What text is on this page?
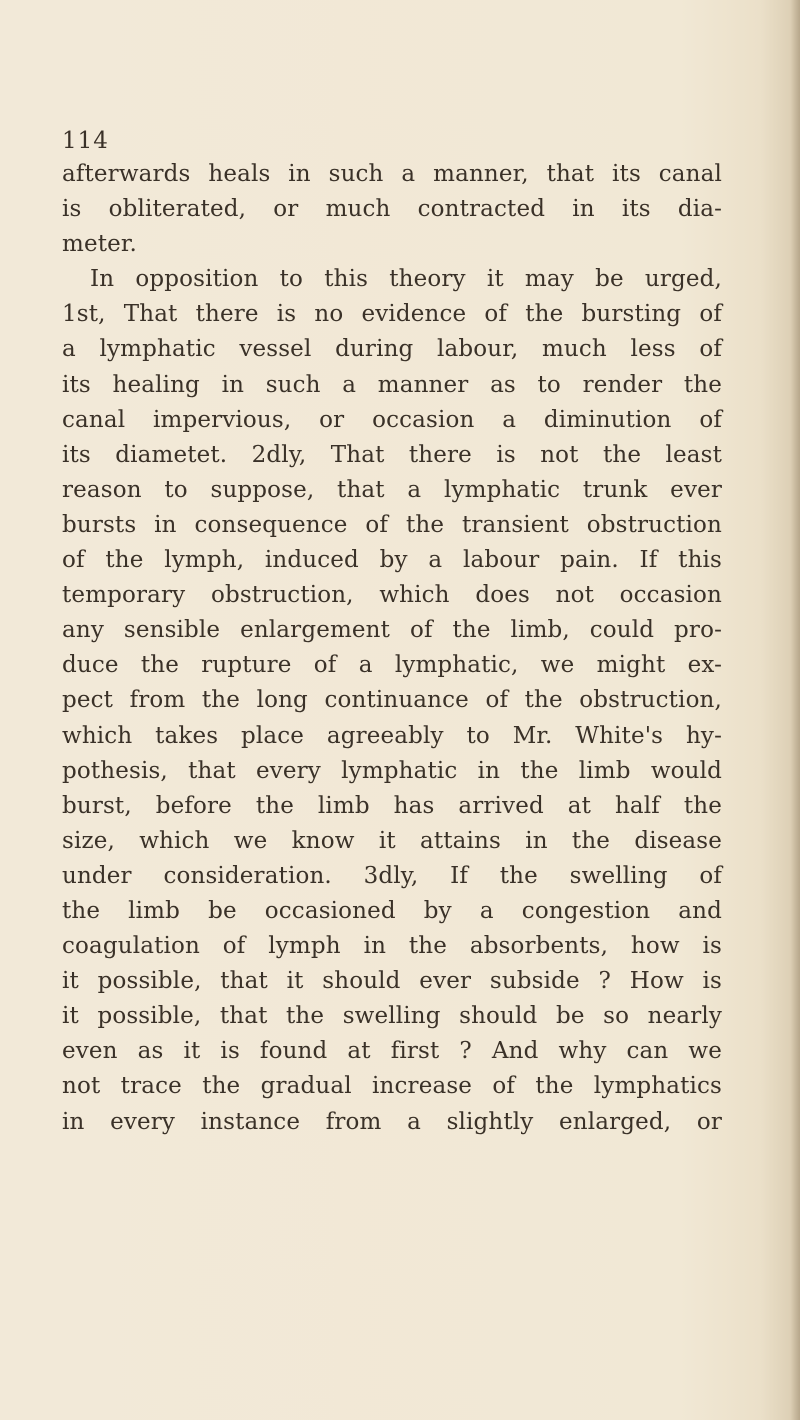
114
afterwards heals in such a manner, that its canal
is obliterated, or much contracted in its dia-
meter.
In opposition to this theory it may be urged,
1st, That there is no evidence of the bursting of
a lymphatic vessel during labour, much less of
its healing in such a manner as to render the
canal impervious, or occasion a diminution of
its diametet. 2dly, That there is not the least
reason to suppose, that a lymphatic trunk ever
bursts in consequence of the transient obstruction
of the lymph, induced by a labour pain. If this
temporary obstruction, which does not occasion
any sensible enlargement of the limb, could pro-
duce the rupture of a lymphatic, we might ex-
pect from the long continuance of the obstruction,
which takes place agreeably to Mr. White's hy-
pothesis, that every lymphatic in the limb would
burst, before the limb has arrived at half the
size, which we know it attains in the disease
under consideration. 3dly, If the swelling of
the limb be occasioned by a congestion and
coagulation of lymph in the absorbents, how is
it possible, that it should ever subside ? How is
it possible, that the swelling should be so nearly
even as it is found at first ? And why can we
not trace the gradual increase of the lymphatics
in every instance from a slightly enlarged, or
